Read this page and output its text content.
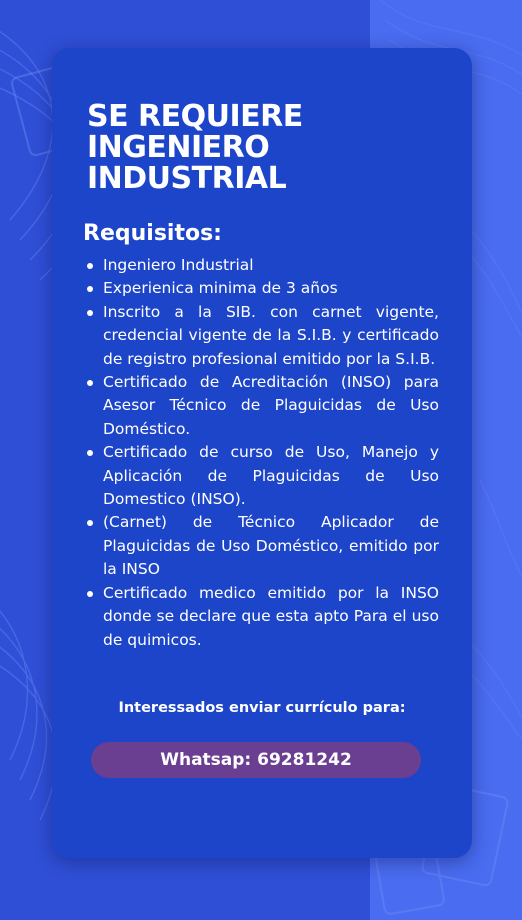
SE REQUIERE
INGENIERO
INDUSTRIAL
Requisitos:
Ingeniero Industrial
Experienica minima de 3 años
Inscrito a la SIB. con carnet vigente, credencial vigente de la S.I.B. y certificado de registro profesional emitido por la S.I.B.
Certificado de Acreditación (INSO) para Asesor Técnico de Plaguicidas de Uso Doméstico.
Certificado de curso de Uso, Manejo y Aplicación de Plaguicidas de Uso Domestico (INSO).
(Carnet) de Técnico Aplicador de Plaguicidas de Uso Doméstico, emitido por la INSO
Certificado medico emitido por la INSO donde se declare que esta apto Para el uso de quimicos.

Interessados enviar currículo para:

Whatsap: 69281242
